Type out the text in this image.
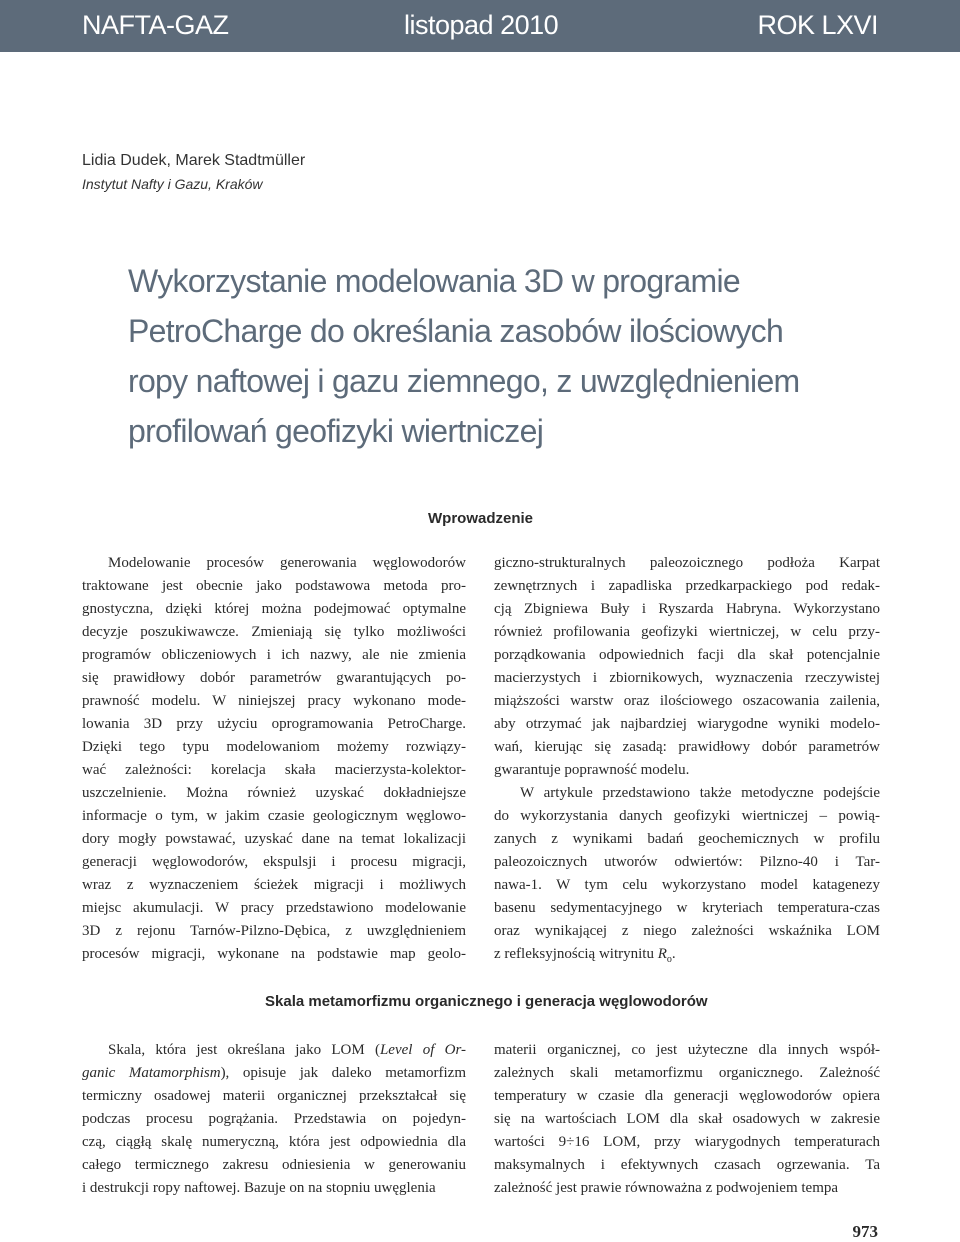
NAFTA-GAZ	listopad 2010	ROK LXVI
Lidia Dudek, Marek Stadtmüller
Instytut Nafty i Gazu, Kraków
Wykorzystanie modelowania 3D w programie
PetroCharge do określania zasobów ilościowych
ropy naftowej i gazu ziemnego, z uwzględnieniem
profilowań geofizyki wiertniczej
Wprowadzenie
Modelowanie procesów generowania węglowodorów
traktowane jest obecnie jako podstawowa metoda pro-
gnostyczna, dzięki której można podejmować optymalne
decyzje poszukiwawcze. Zmieniają się tylko możliwości
programów obliczeniowych i ich nazwy, ale nie zmienia
się prawidłowy dobór parametrów gwarantujących po-
prawność modelu. W niniejszej pracy wykonano mode-
lowania 3D przy użyciu oprogramowania PetroCharge.
Dzięki tego typu modelowaniom możemy rozwiązy-
wać zależności: korelacja skała macierzysta-kolektor-
uszczelnienie. Można również uzyskać dokładniejsze
informacje o tym, w jakim czasie geologicznym węglowo-
dory mogły powstawać, uzyskać dane na temat lokalizacji
generacji węglowodorów, ekspulsji i procesu migracji,
wraz z wyznaczeniem ścieżek migracji i możliwych
miejsc akumulacji. W pracy przedstawiono modelowanie
3D z rejonu Tarnów-Pilzno-Dębica, z uwzględnieniem
procesów migracji, wykonane na podstawie map geolo-
giczno-strukturalnych paleozoicznego podłoża Karpat
zewnętrznych i zapadliska przedkarpackiego pod redak-
cją Zbigniewa Buły i Ryszarda Habryna. Wykorzystano
również profilowania geofizyki wiertniczej, w celu przy-
porządkowania odpowiednich facji dla skał potencjalnie
macierzystych i zbiornikowych, wyznaczenia rzeczywistej
miąższości warstw oraz ilościowego oszacowania zailenia,
aby otrzymać jak najbardziej wiarygodne wyniki modelo-
wań, kierując się zasadą: prawidłowy dobór parametrów
gwarantuje poprawność modelu.
W artykule przedstawiono także metodyczne podejście
do wykorzystania danych geofizyki wiertniczej – powią-
zanych z wynikami badań geochemicznych w profilu
paleozoicznych utworów odwiertów: Pilzno-40 i Tar-
nawa-1. W tym celu wykorzystano model katagenezy
basenu sedymentacyjnego w kryteriach temperatura-czas
oraz wynikającej z niego zależności wskaźnika LOM
z refleksyjnością witrynitu $R_o$.
Skala metamorfizmu organicznego i generacja węglowodorów
Skala, która jest określana jako LOM (Level of Or-
ganic Matamorphism), opisuje jak daleko metamorfizm
termiczny osadowej materii organicznej przekształcał się
podczas procesu pogrążania. Przedstawia on pojedyn-
czą, ciągłą skalę numeryczną, która jest odpowiednia dla
całego termicznego zakresu odniesienia w generowaniu
i destrukcji ropy naftowej. Bazuje on na stopniu uwęglenia
materii organicznej, co jest użyteczne dla innych współ-
zależnych skali metamorfizmu organicznego. Zależność
temperatury w czasie dla generacji węglowodorów opiera
się na wartościach LOM dla skał osadowych w zakresie
wartości 9÷16 LOM, przy wiarygodnych temperaturach
maksymalnych i efektywnych czasach ogrzewania. Ta
zależność jest prawie równoważna z podwojeniem tempa
973
